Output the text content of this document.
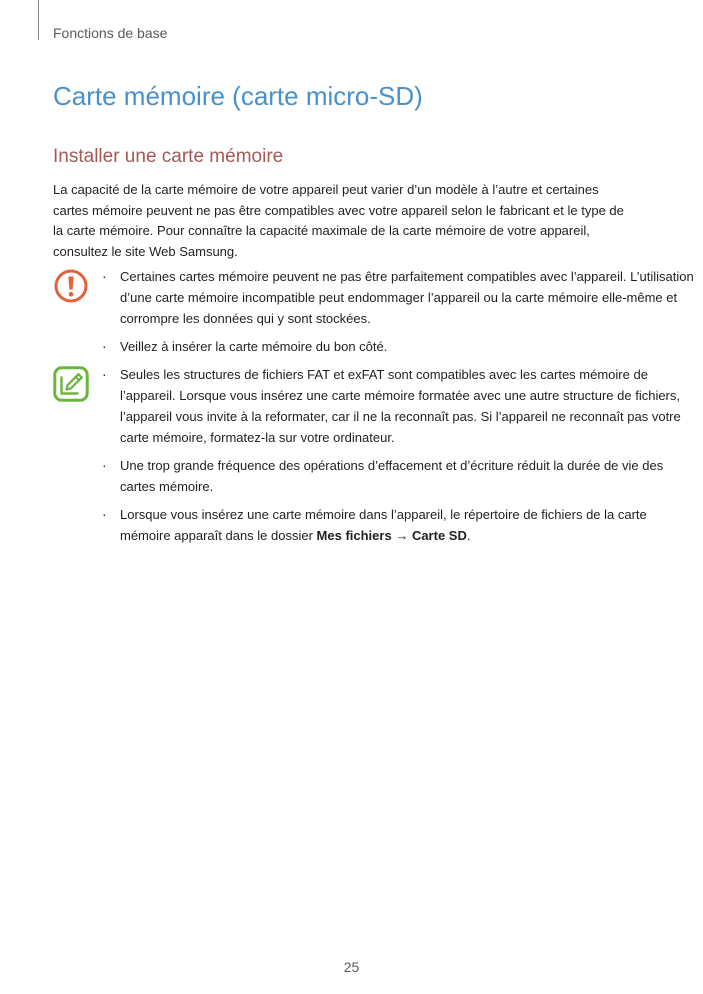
Fonctions de base
Carte mémoire (carte micro-SD)
Installer une carte mémoire

La capacité de la carte mémoire de votre appareil peut varier d’un modèle à l’autre et certaines cartes mémoire peuvent ne pas être compatibles avec votre appareil selon le fabricant et le type de la carte mémoire. Pour connaître la capacité maximale de la carte mémoire de votre appareil, consultez le site Web Samsung.

· Certaines cartes mémoire peuvent ne pas être parfaitement compatibles avec l’appareil. L’utilisation d’une carte mémoire incompatible peut endommager l’appareil ou la carte mémoire elle-même et corrompre les données qui y sont stockées.
· Veillez à insérer la carte mémoire du bon côté.
· Seules les structures de fichiers FAT et exFAT sont compatibles avec les cartes mémoire de l’appareil. Lorsque vous insérez une carte mémoire formatée avec une autre structure de fichiers, l’appareil vous invite à la reformater, car il ne la reconnaît pas. Si l’appareil ne reconnaît pas votre carte mémoire, formatez-la sur votre ordinateur.
· Une trop grande fréquence des opérations d’effacement et d’écriture réduit la durée de vie des cartes mémoire.
· Lorsque vous insérez une carte mémoire dans l’appareil, le répertoire de fichiers de la carte mémoire apparaît dans le dossier Mes fichiers → Carte SD.
25
